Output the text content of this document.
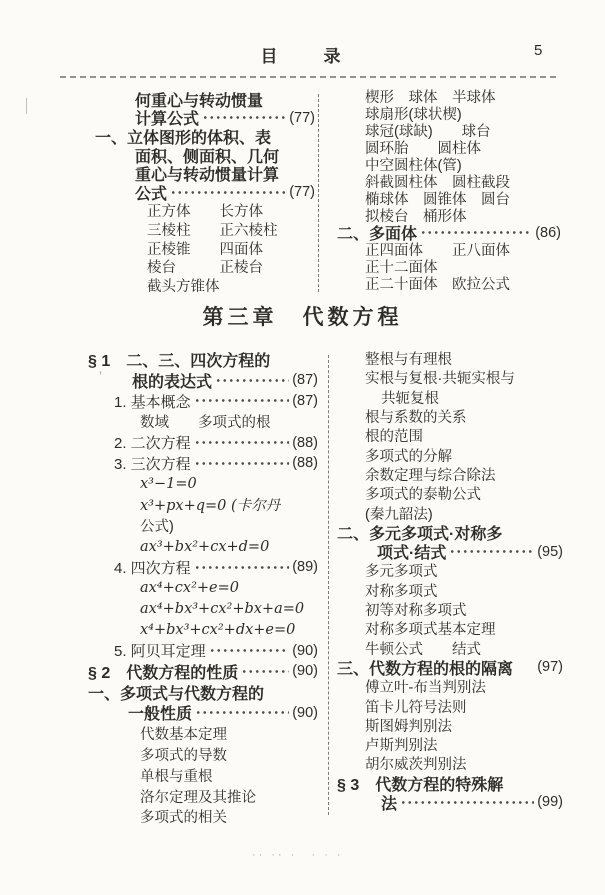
目　　录	5
何重心与转动惯量
计算公式	(77)
一、立体图形的体积、表
面积、侧面积、几何
重心与转动惯量计算
公式	(77)
正方体　　长方体
三棱柱　　正六棱柱
正棱锥　　四面体
棱台　　　正棱台
截头方锥体
楔形　球体　半球体
球扇形(球状楔)
球冠(球缺)　　球台
圆环胎　　圆柱体
中空圆柱体(管)
斜截圆柱体　圆柱截段
椭球体　圆锥体　圆台
拟棱台　桶形体
二、多面体	(86)
正四面体　　正八面体
正十二面体
正二十面体　欧拉公式
第三章　代数方程
§ 1　二、三、四次方程的
根的表达式	(87)
1. 基本概念	(87)
数域　　多项式的根
2. 二次方程	(88)
3. 三次方程	(88)
x³−1=0
x³+px+q=0 (卡尔丹
公式)
ax³+bx²+cx+d=0
4. 四次方程	(89)
ax⁴+cx²+e=0
ax⁴+bx³+cx²+bx+a=0
x⁴+bx³+cx²+dx+e=0
5. 阿贝耳定理	(90)
§ 2　代数方程的性质	(90)
一、多项式与代数方程的
一般性质	(90)
代数基本定理
多项式的导数
单根与重根
洛尔定理及其推论
多项式的相关
整根与有理根
实根与复根·共轭实根与
共轭复根
根与系数的关系
根的范围
多项式的分解
余数定理与综合除法
多项式的泰勒公式
(秦九韶法)
二、多元多项式·对称多
项式·结式	(95)
多元多项式
对称多项式
初等对称多项式
对称多项式基本定理
牛顿公式　　结式
三、代数方程的根的隔离 (97)
傅立叶-布当判别法
笛卡儿符号法则
斯图姆判别法
卢斯判别法
胡尔威茨判别法
§ 3　代数方程的特殊解
法	(99)
’
·· ·· ·　· · ·
